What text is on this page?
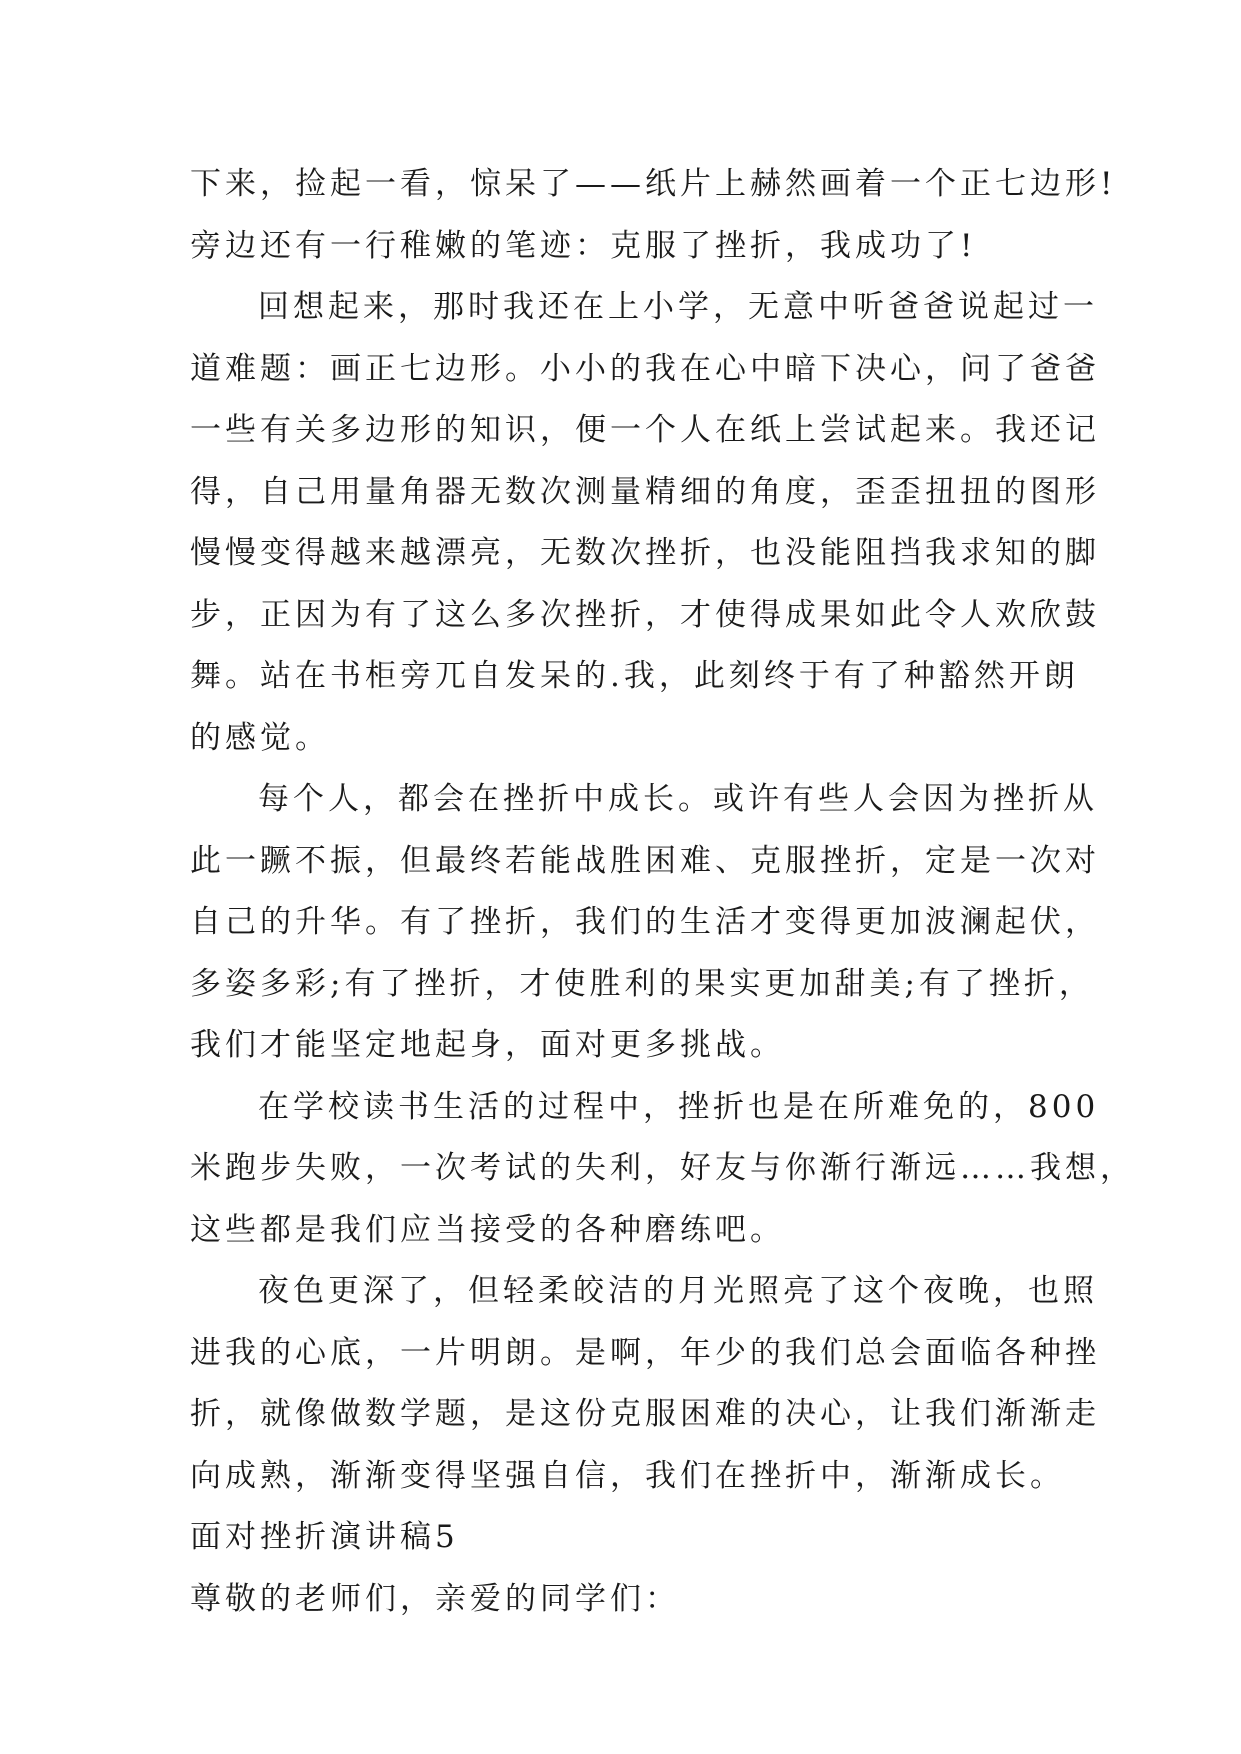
下来，捡起一看，惊呆了——纸片上赫然画着一个正七边形!
旁边还有一行稚嫩的笔迹：克服了挫折，我成功了!
回想起来，那时我还在上小学，无意中听爸爸说起过一
道难题：画正七边形。小小的我在心中暗下决心，问了爸爸
一些有关多边形的知识，便一个人在纸上尝试起来。我还记
得，自己用量角器无数次测量精细的角度，歪歪扭扭的图形
慢慢变得越来越漂亮，无数次挫折，也没能阻挡我求知的脚
步，正因为有了这么多次挫折，才使得成果如此令人欢欣鼓
舞。站在书柜旁兀自发呆的.我，此刻终于有了种豁然开朗
的感觉。
每个人，都会在挫折中成长。或许有些人会因为挫折从
此一蹶不振，但最终若能战胜困难、克服挫折，定是一次对
自己的升华。有了挫折，我们的生活才变得更加波澜起伏，
多姿多彩;有了挫折，才使胜利的果实更加甜美;有了挫折，
我们才能坚定地起身，面对更多挑战。
在学校读书生活的过程中，挫折也是在所难免的，800
米跑步失败，一次考试的失利，好友与你渐行渐远……我想，
这些都是我们应当接受的各种磨练吧。
夜色更深了，但轻柔皎洁的月光照亮了这个夜晚，也照
进我的心底，一片明朗。是啊，年少的我们总会面临各种挫
折，就像做数学题，是这份克服困难的决心，让我们渐渐走
向成熟，渐渐变得坚强自信，我们在挫折中，渐渐成长。
面对挫折演讲稿5
尊敬的老师们，亲爱的同学们：
